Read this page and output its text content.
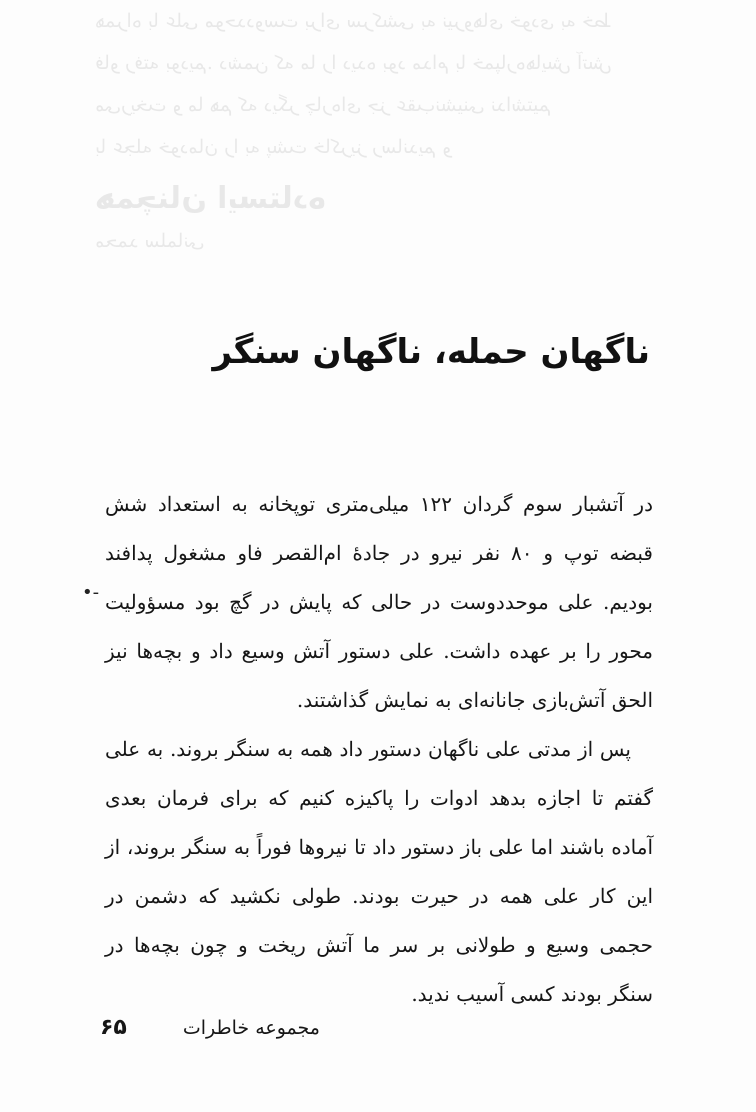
همراه با علی موحددوست برای سرکشی به نیروهای خودی به خط
فاو رفته بودیم. دشمن که ما را دیده بود مدام با خمپاره‌هایش آتش
می‌ریخت و ما هم که دیگر چاره‌ای جز عقب‌نشینی نداشتیم
با عجله خودمان را به پشت خاکریز رساندیم و
همچنان ایستاده
محمد سلمانی
ناگهان حمله، ناگهان سنگر

در آتشبار سوم گردان ۱۲۲ میلی‌متری توپخانه به استعداد شش قبضه توپ و ۸۰ نفر نیرو در جادهٔ ام‌القصر فاو مشغول پدافند بودیم. علی موحددوست در حالی که پایش در گچ بود مسؤولیت محور را بر عهده داشت. علی دستور آتش وسیع داد و بچه‌ها نیز الحق آتش‌بازی جانانه‌ای به نمایش گذاشتند.

پس از مدتی علی ناگهان دستور داد همه به سنگر بروند. به علی گفتم تا اجازه بدهد ادوات را پاکیزه کنیم که برای فرمان بعدی آماده باشند اما علی باز دستور داد تا نیروها فوراً به سنگر بروند، از این کار علی همه در حیرت بودند. طولی نکشید که دشمن در حجمی وسیع و طولانی بر سر ما آتش ریخت و چون بچه‌ها در سنگر بودند کسی آسیب ندید.

•-
مجموعه خاطرات
۶۵
